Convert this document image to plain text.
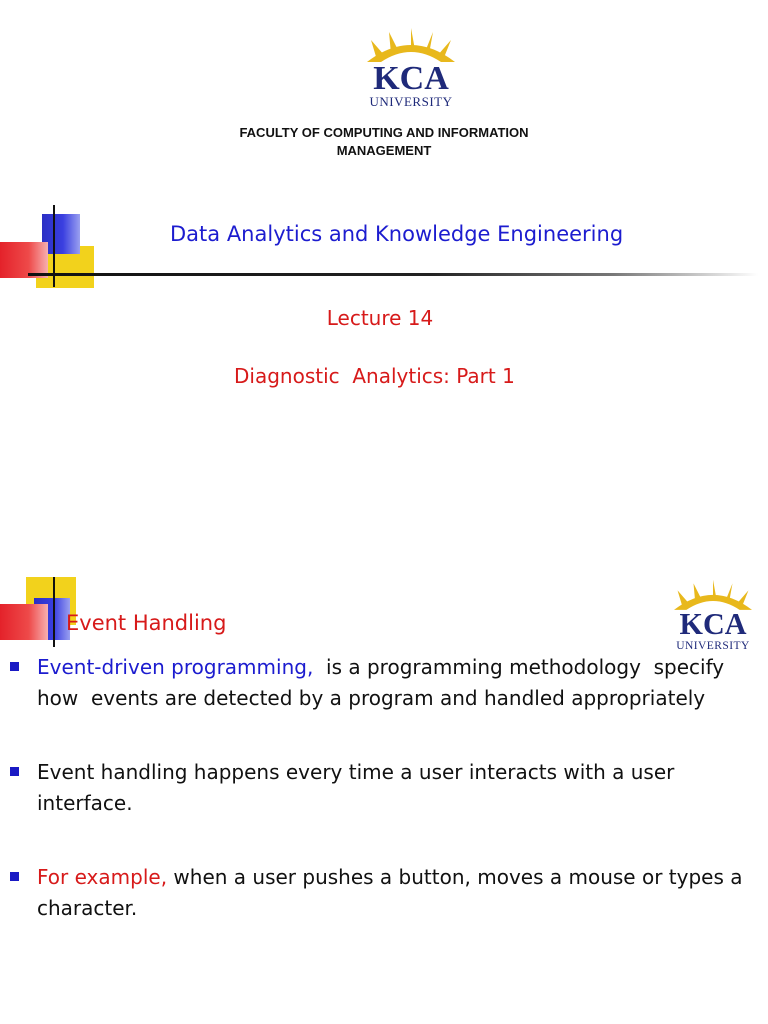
KCA
UNIVERSITY
FACULTY OF COMPUTING AND INFORMATION
MANAGEMENT
Data Analytics and Knowledge Engineering
Lecture 14
Diagnostic  Analytics: Part 1
Event Handling	KCA
UNIVERSITY
Event-driven programming,  is a programming methodology  specify how  events are detected by a program and handled appropriately
Event handling happens every time a user interacts with a user interface.
For example, when a user pushes a button, moves a mouse or types a character.
